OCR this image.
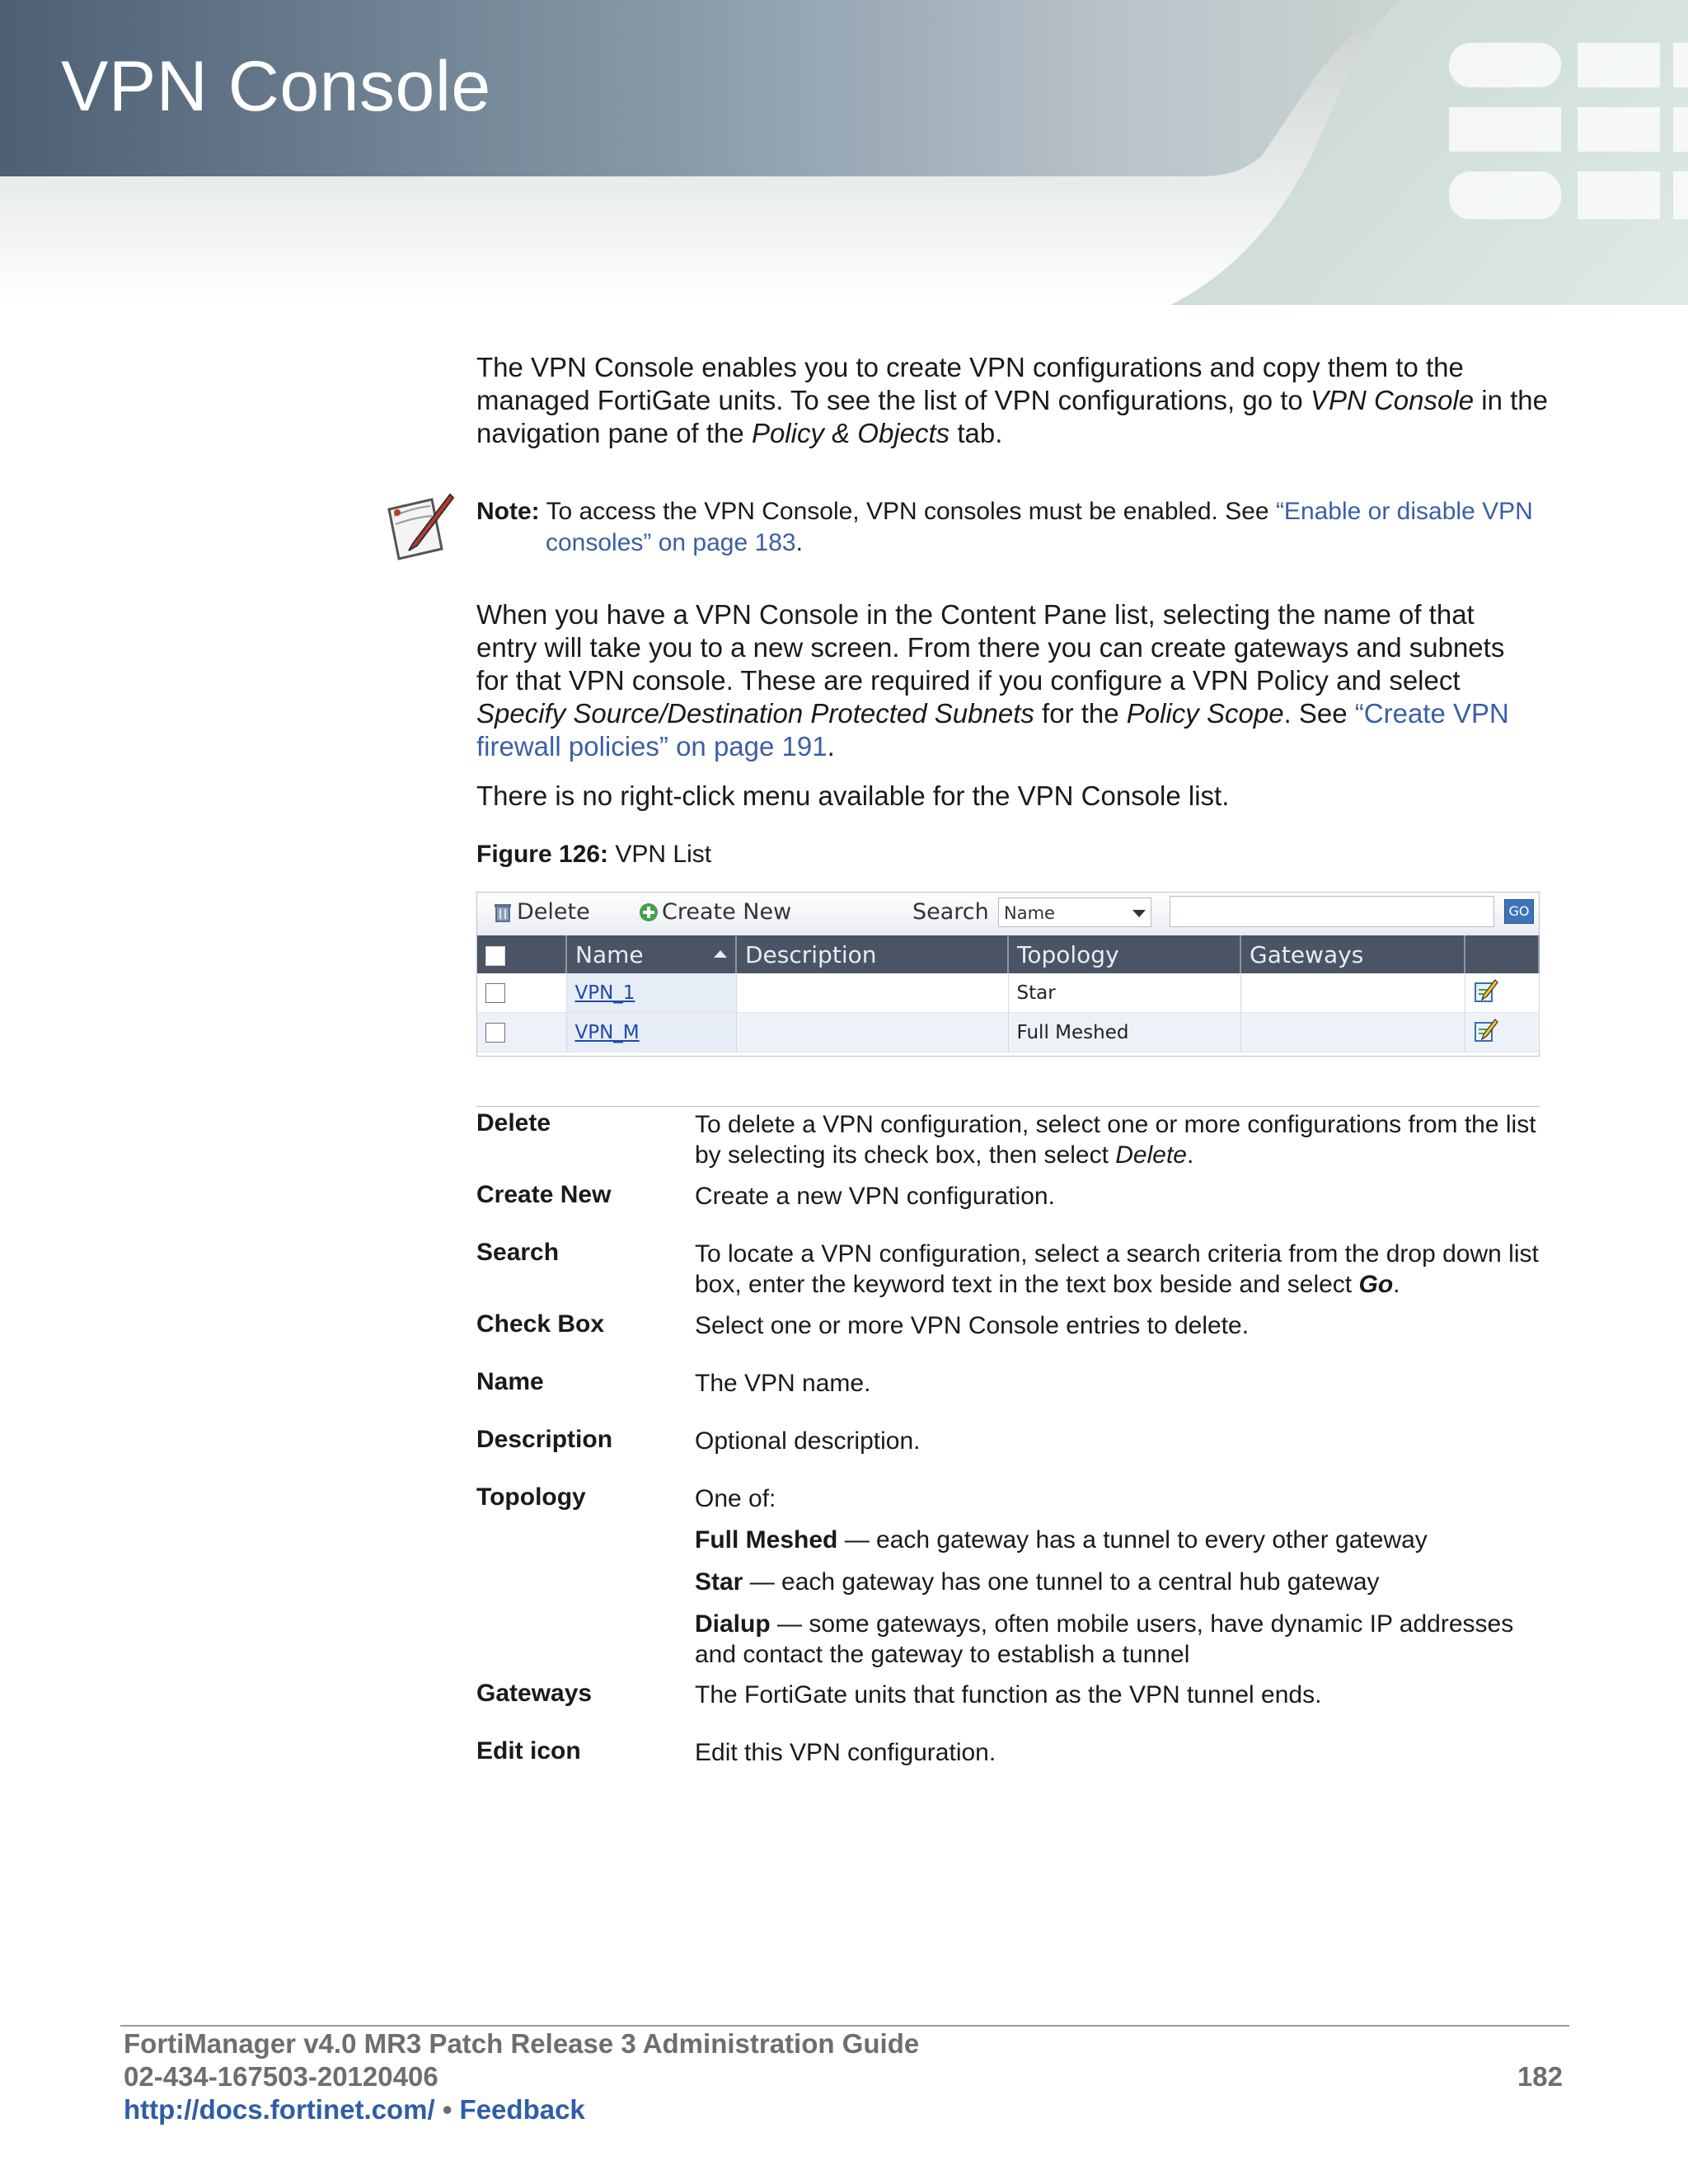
VPN Console
The VPN Console enables you to create VPN configurations and copy them to the managed FortiGate units. To see the list of VPN configurations, go to VPN Console in the navigation pane of the Policy & Objects tab.
Note: To access the VPN Console, VPN consoles must be enabled. See “Enable or disable VPN consoles” on page 183.
When you have a VPN Console in the Content Pane list, selecting the name of that entry will take you to a new screen. From there you can create gateways and subnets for that VPN console. These are required if you configure a VPN Policy and select Specify Source/Destination Protected Subnets for the Policy Scope. See “Create VPN firewall policies” on page 191.
There is no right-click menu available for the VPN Console list.
Figure 126: VPN List
Delete	Create New	Search Name	GO
	Name	Description	Topology	Gateways	
	VPN_1		Star		
	VPN_M		Full Meshed		
Delete	To delete a VPN configuration, select one or more configurations from the list by selecting its check box, then select Delete.
Create New	Create a new VPN configuration.
Search	To locate a VPN configuration, select a search criteria from the drop down list box, enter the keyword text in the text box beside and select Go.
Check Box	Select one or more VPN Console entries to delete.
Name	The VPN name.
Description	Optional description.
Topology	One of:
Full Meshed — each gateway has a tunnel to every other gateway
Star — each gateway has one tunnel to a central hub gateway
Dialup — some gateways, often mobile users, have dynamic IP addresses and contact the gateway to establish a tunnel
Gateways	The FortiGate units that function as the VPN tunnel ends.
Edit icon	Edit this VPN configuration.
FortiManager v4.0 MR3 Patch Release 3 Administration Guide
02-434-167503-20120406
http://docs.fortinet.com/ • Feedback
182
